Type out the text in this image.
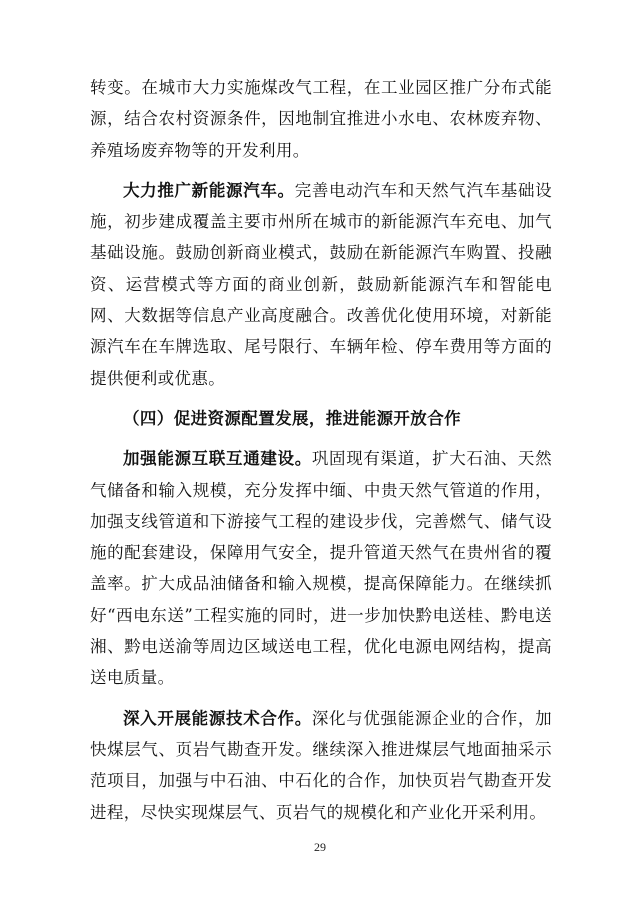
转变。在城市大力实施煤改气工程，在工业园区推广分布式能源，结合农村资源条件，因地制宜推进小水电、农林废弃物、养殖场废弃物等的开发利用。

大力推广新能源汽车。完善电动汽车和天然气汽车基础设施，初步建成覆盖主要市州所在城市的新能源汽车充电、加气基础设施。鼓励创新商业模式，鼓励在新能源汽车购置、投融资、运营模式等方面的商业创新，鼓励新能源汽车和智能电网、大数据等信息产业高度融合。改善优化使用环境，对新能源汽车在车牌选取、尾号限行、车辆年检、停车费用等方面的提供便利或优惠。

（四）促进资源配置发展，推进能源开放合作

加强能源互联互通建设。巩固现有渠道，扩大石油、天然气储备和输入规模，充分发挥中缅、中贵天然气管道的作用，加强支线管道和下游接气工程的建设步伐，完善燃气、储气设施的配套建设，保障用气安全，提升管道天然气在贵州省的覆盖率。扩大成品油储备和输入规模，提高保障能力。在继续抓好“西电东送”工程实施的同时，进一步加快黔电送桂、黔电送湘、黔电送渝等周边区域送电工程，优化电源电网结构，提高送电质量。

深入开展能源技术合作。深化与优强能源企业的合作，加快煤层气、页岩气勘查开发。继续深入推进煤层气地面抽采示范项目，加强与中石油、中石化的合作，加快页岩气勘查开发进程，尽快实现煤层气、页岩气的规模化和产业化开采利用。

29
